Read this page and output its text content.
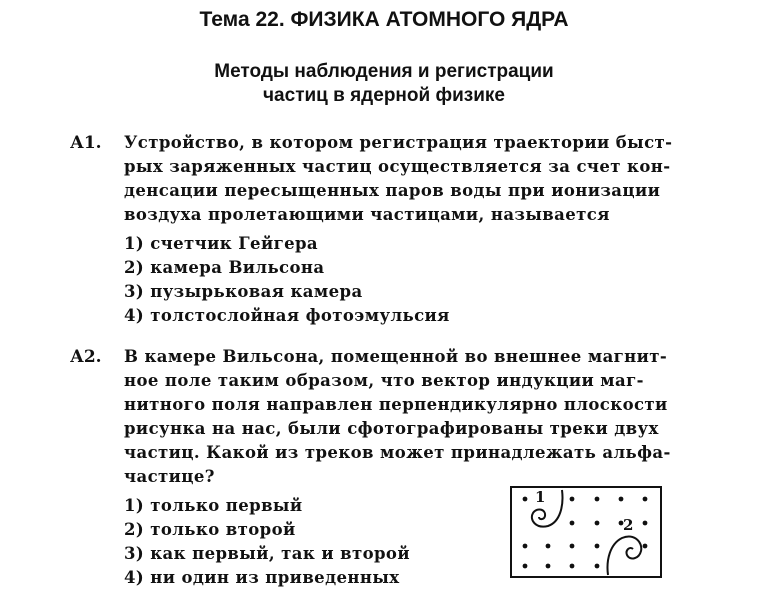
Тема 22. ФИЗИКА АТОМНОГО ЯДРА
Методы наблюдения и регистрации
частиц в ядерной физике
А1. Устройство, в котором регистрация траектории быст-
рых заряженных частиц осуществляется за счет кон-
денсации пересыщенных паров воды при ионизации
воздуха пролетающими частицами, называется
1) счетчик Гейгера
2) камера Вильсона
3) пузырьковая камера
4) толстослойная фотоэмульсия
А2. В камере Вильсона, помещенной во внешнее магнит-
ное поле таким образом, что вектор индукции маг-
нитного поля направлен перпендикулярно плоскости
рисунка на нас, были сфотографированы треки двух
частиц. Какой из треков может принадлежать альфа-
частице?
1) только первый
2) только второй
3) как первый, так и второй
4) ни один из приведенных
1
2
